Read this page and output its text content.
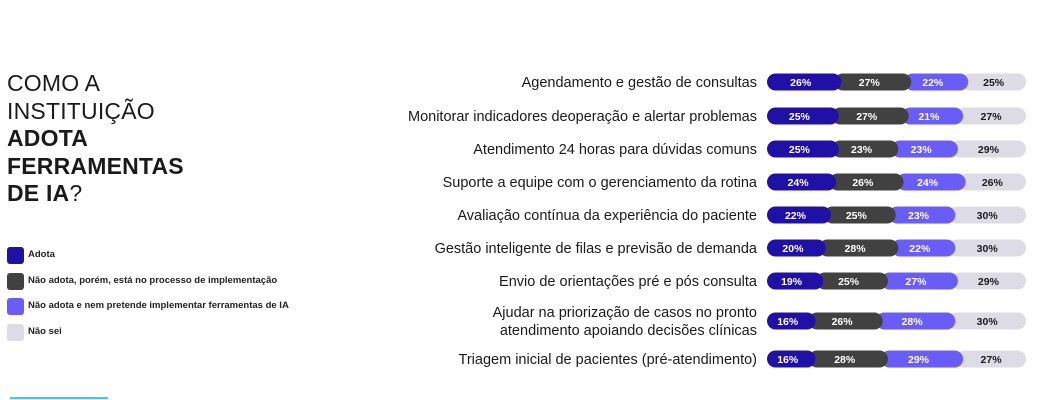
COMO A
INSTITUIÇÃO
ADOTA
FERRAMENTAS
DE IA?
Adota
Não adota, porém, está no processo de implementação
Não adota e nem pretende implementar ferramentas de IA
Não sei
Agendamento e gestão de consultas	26%	27%	22%	25%
Monitorar indicadores deoperação e alertar problemas	25%	27%	21%	27%
Atendimento 24 horas para dúvidas comuns	25%	23%	23%	29%
Suporte a equipe com o gerenciamento da rotina	24%	26%	24%	26%
Avaliação contínua da experiência do paciente	22%	25%	23%	30%
Gestão inteligente de filas e previsão de demanda 20%	28%	22%	30%
Envio de orientações pré e pós consulta 19%	25%	27%	29%
Ajudar na priorização de casos no pronto
atendimento apoiando decisões clínicas
16%	26%	28%	30%
Triagem inicial de pacientes (pré-atendimento) 16%	28%	29%	27%
